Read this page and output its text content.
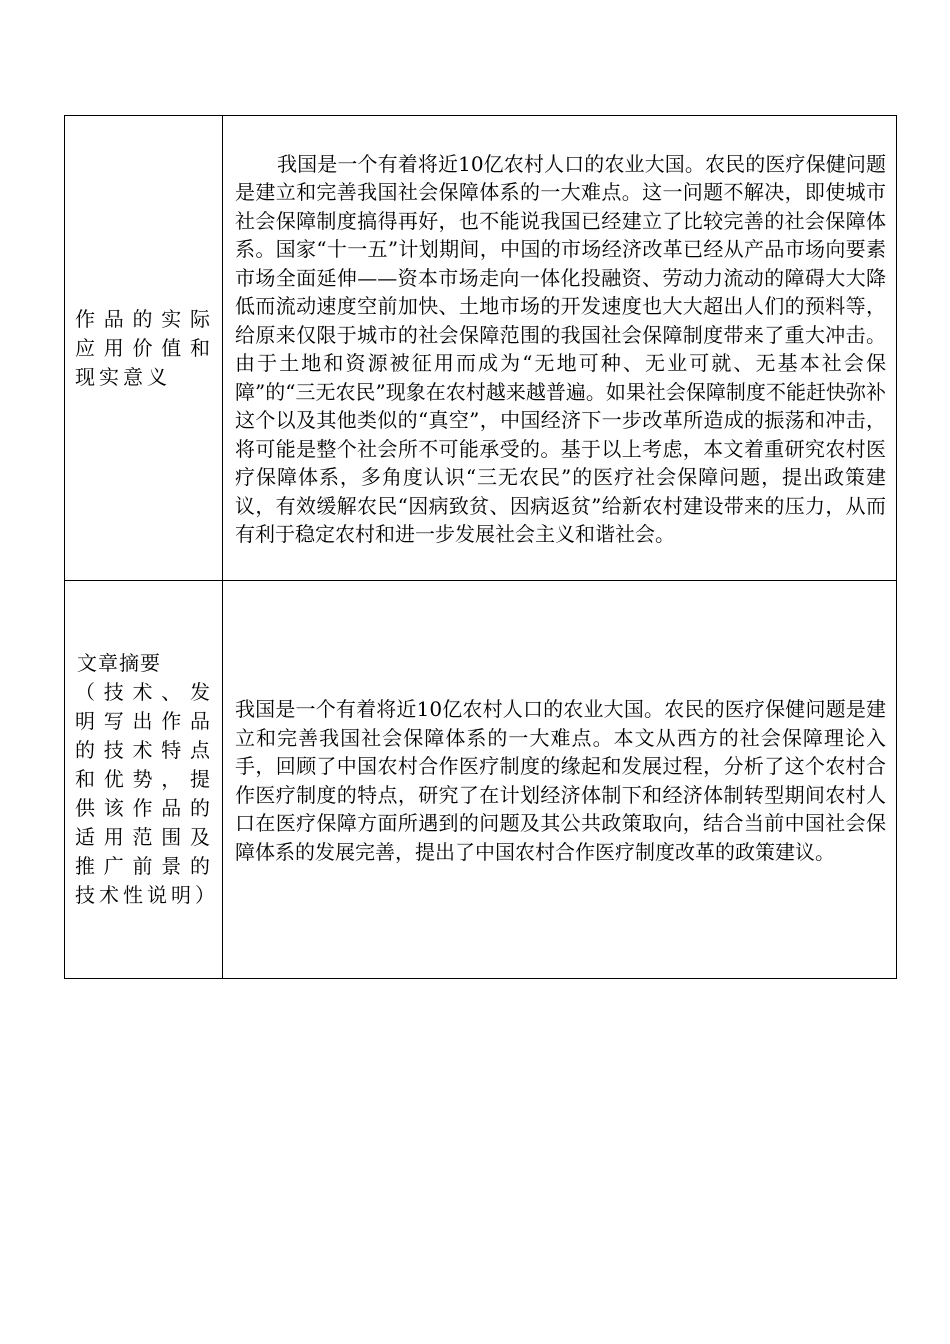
作品的实际应用价值和现实意义	我国是一个有着将近10亿农村人口的农业大国。农民的医疗保健问题是建立和完善我国社会保障体系的一大难点。这一问题不解决，即使城市社会保障制度搞得再好，也不能说我国已经建立了比较完善的社会保障体系。国家“十一五”计划期间，中国的市场经济改革已经从产品市场向要素市场全面延伸——资本市场走向一体化投融资、劳动力流动的障碍大大降低而流动速度空前加快、土地市场的开发速度也大大超出人们的预料等，给原来仅限于城市的社会保障范围的我国社会保障制度带来了重大冲击。由于土地和资源被征用而成为“无地可种、无业可就、无基本社会保障”的“三无农民”现象在农村越来越普遍。如果社会保障制度不能赶快弥补这个以及其他类似的“真空”，中国经济下一步改革所造成的振荡和冲击，将可能是整个社会所不可能承受的。基于以上考虑，本文着重研究农村医疗保障体系，多角度认识“三无农民”的医疗社会保障问题，提出政策建议，有效缓解农民“因病致贫、因病返贫”给新农村建设带来的压力，从而有利于稳定农村和进一步发展社会主义和谐社会。

文章摘要
（技术、发明写出作品的技术特点和优势，提供该作品的适用范围及推广前景的技术性说明）	我国是一个有着将近10亿农村人口的农业大国。农民的医疗保健问题是建立和完善我国社会保障体系的一大难点。本文从西方的社会保障理论入手，回顾了中国农村合作医疗制度的缘起和发展过程，分析了这个农村合作医疗制度的特点，研究了在计划经济体制下和经济体制转型期间农村人口在医疗保障方面所遇到的问题及其公共政策取向，结合当前中国社会保障体系的发展完善，提出了中国农村合作医疗制度改革的政策建议。
